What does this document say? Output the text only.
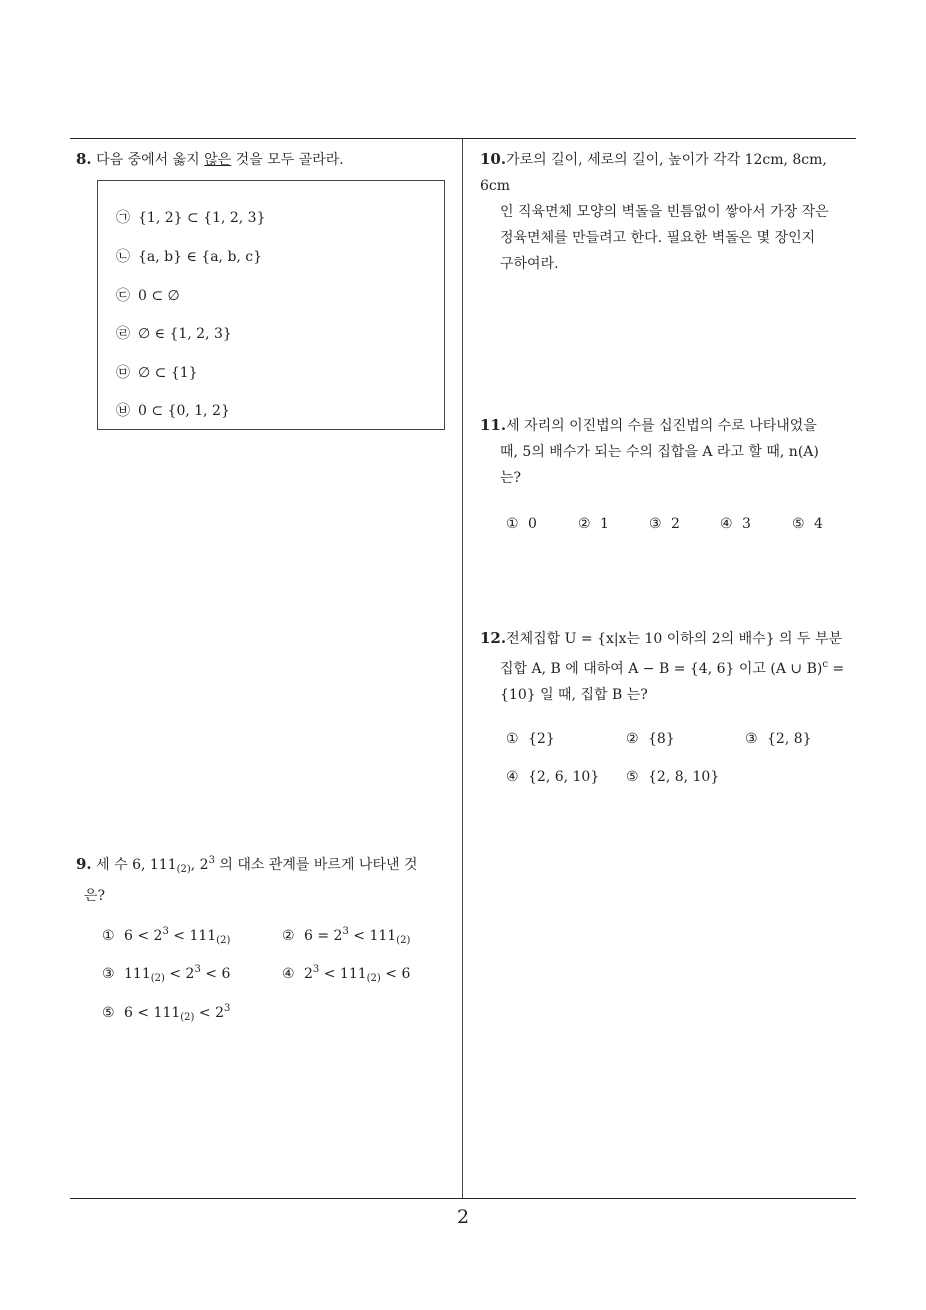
8. 다음 중에서 옳지 않은 것을 모두 골라라.
㉠ {1, 2} ⊂ {1, 2, 3}
㉡ {a, b} ∈ {a, b, c}
㉢ 0 ⊂ ∅
㉣ ∅ ∈ {1, 2, 3}
㉤ ∅ ⊂ {1}
㉥ 0 ⊂ {0, 1, 2}
9. 세 수 6, $111_{(2)}$, $2^3$ 의 대소 관계를 바르게 나타낸 것
은?
① $6 < 2^3 < 111_{(2)}$	② $6 = 2^3 < 111_{(2)}$
③ $111_{(2)} < 2^3 < 6$	④ $2^3 < 111_{(2)} < 6$
⑤ $6 < 111_{(2)} < 2^3$
10.가로의 길이, 세로의 길이, 높이가 각각 12cm, 8cm, 6cm
인 직육면체 모양의 벽돌을 빈틈없이 쌓아서 가장 작은
정육면체를 만들려고 한다. 필요한 벽돌은 몇 장인지
구하여라.
11.세 자리의 이진법의 수를 십진법의 수로 나타내었을
때, 5의 배수가 되는 수의 집합을 A 라고 할 때, n(A)
는?
① 0	② 1	③ 2	④ 3	⑤ 4
12.전체집합 U = {x|x는 10 이하의 2의 배수} 의 두 부분
집합 A, B 에 대하여 A − B = {4, 6} 이고 (A ∪ B)$^c$ =
{10} 일 때, 집합 B 는?
① {2}	② {8}	③ {2, 8}
④ {2, 6, 10} ⑤ {2, 8, 10}
2
